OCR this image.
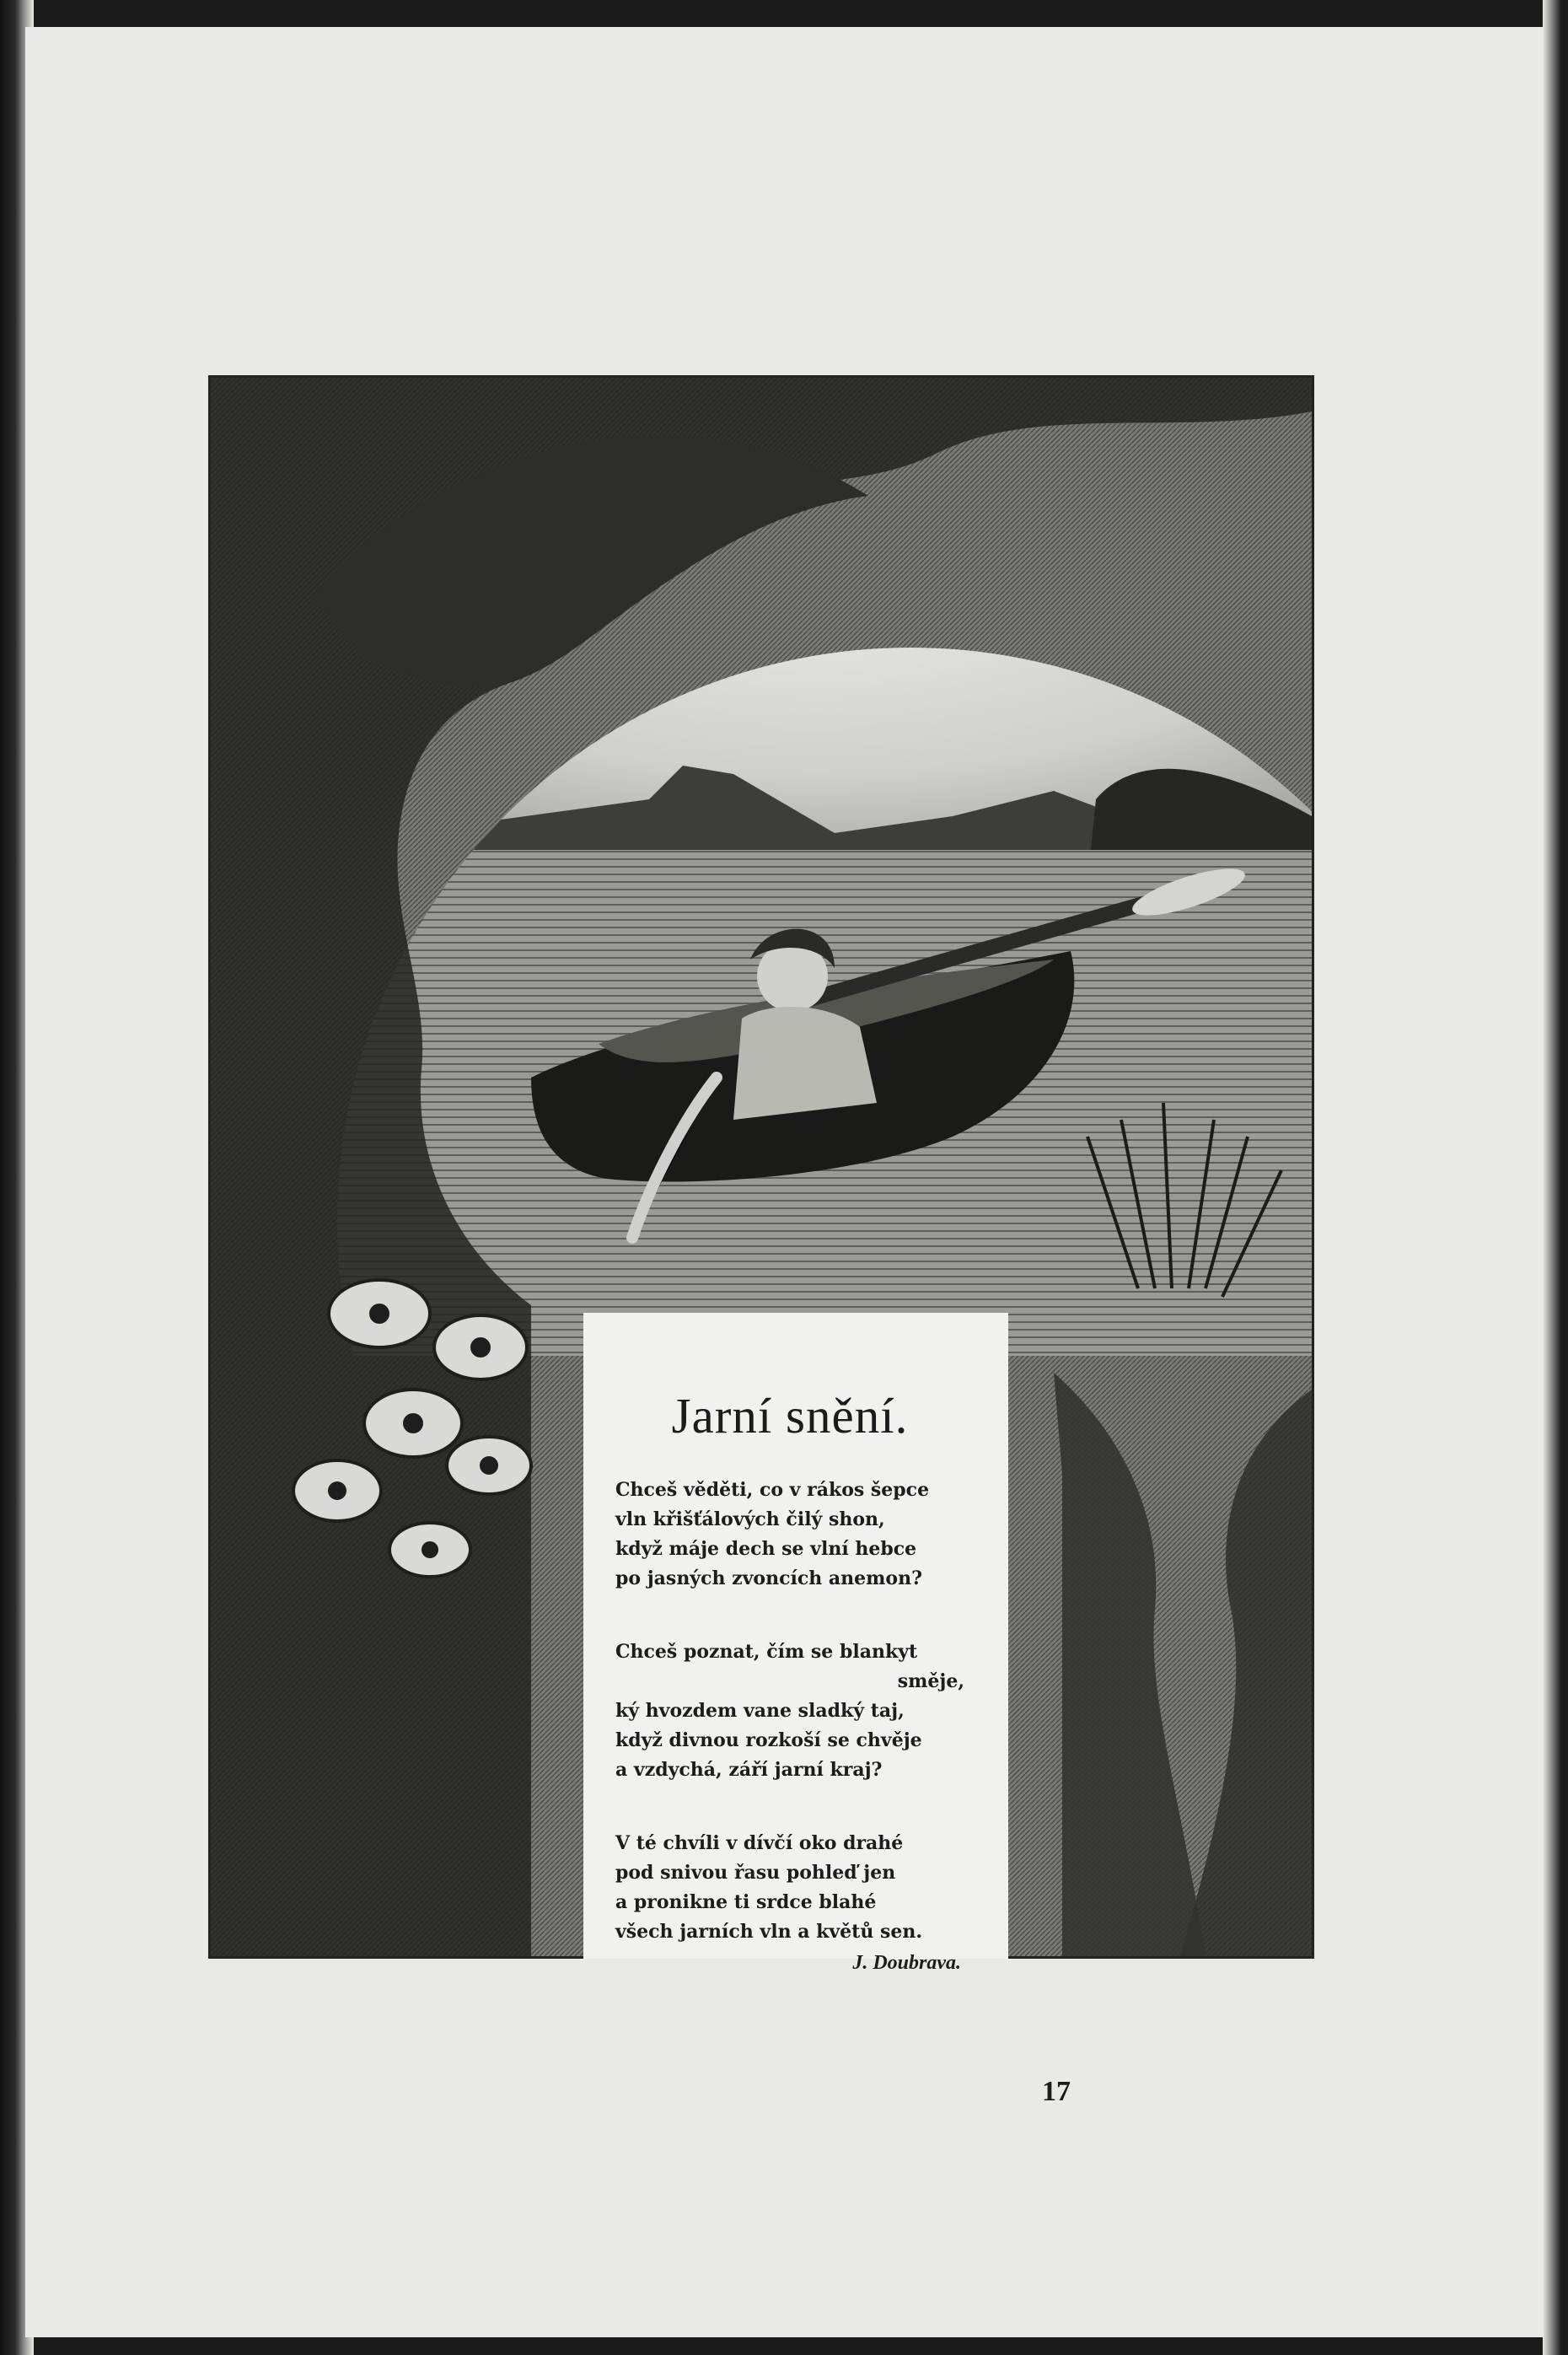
Jarní snění.
Chceš věděti, co v rákos šepce
vln křišťálových čilý shon,
když máje dech se vlní hebce
po jasných zvoncích anemon?
Chceš poznat, čím se blankyt
směje,
ký hvozdem vane sladký taj,
když divnou rozkoší se chvěje
a vzdychá, září jarní kraj?
V té chvíli v dívčí oko drahé
pod snivou řasu pohleď jen
a pronikne ti srdce blahé
všech jarních vln a květů sen.
J. Doubrava.
17
